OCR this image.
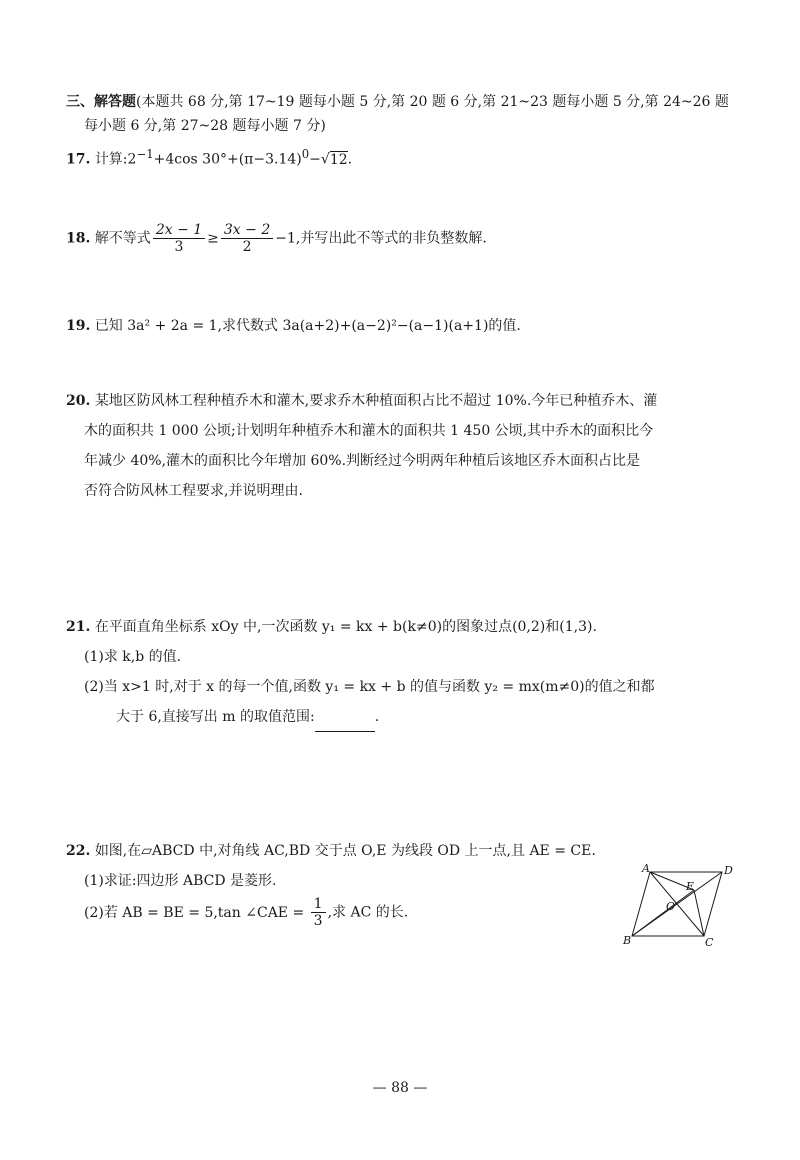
三、解答题(本题共 68 分,第 17~19 题每小题 5 分,第 20 题 6 分,第 21~23 题每小题 5 分,第 24~26 题
每小题 6 分,第 27~28 题每小题 7 分)
17. 计算$:2^{-1}+4\cos$ $30^\circ+(\pi-3.14)^0-√12$.
18. 解不等式 $\frac{2x - 1}{3} \ge \frac{3x - 2}{2} -1$,并写出此不等式的非负整数解.
19. 已知 3a² + 2a = 1,求代数式 3a(a+2)+(a−2)²−(a−1)(a+1)的值.
20. 某地区防风林工程种植乔木和灌木,要求乔木种植面积占比不超过 10%.今年已种植乔木、灌
木的面积共 1 000 公顷;计划明年种植乔木和灌木的面积共 1 450 公顷,其中乔木的面积比今
年减少 40%,灌木的面积比今年增加 60%.判断经过今明两年种植后该地区乔木面积占比是
否符合防风林工程要求,并说明理由.
21. 在平面直角坐标系 xOy 中,一次函数 y₁ = kx + b(k≠0)的图象过点(0,2)和(1,3).
(1)求 k,b 的值.
(2)当 x>1 时,对于 x 的每一个值,函数 y₁ = kx + b 的值与函数 y₂ = mx(m≠0)的值之和都
大于 6,直接写出 m 的取值范围:	.
22. 如图,在▱ABCD 中,对角线 AC,BD 交于点 O,E 为线段 OD 上一点,且 AE = CE.
(1)求证:四边形 ABCD 是菱形.
(2)若 AB = BE = 5,tan ∠CAE = $\frac{1}{3}$ ,求 AC 的长.
A	D
B	C
E
O
— 88 —
